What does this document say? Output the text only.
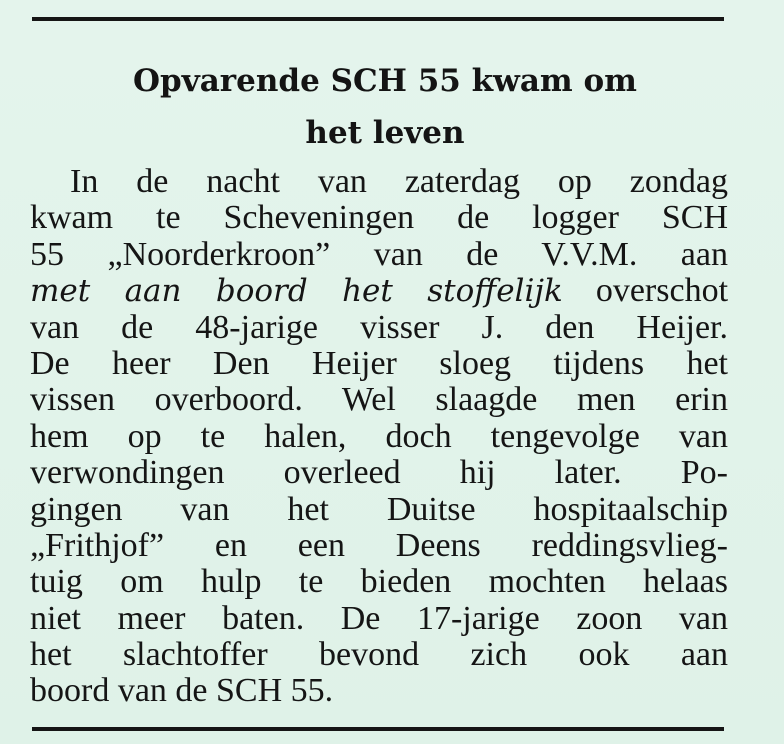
Opvarende SCH 55 kwam om
het leven
In de nacht van zaterdag op zondag
kwam te Scheveningen de logger SCH
55 „Noorderkroon” van de V.V.M. aan
met aan boord het stoffelijk overschot
van de 48-jarige visser J. den Heijer.
De heer Den Heijer sloeg tijdens het
vissen overboord. Wel slaagde men erin
hem op te halen, doch tengevolge van
verwondingen overleed hij later. Po-
gingen van het Duitse hospitaalschip
„Frithjof” en een Deens reddingsvlieg-
tuig om hulp te bieden mochten helaas
niet meer baten. De 17-jarige zoon van
het slachtoffer bevond zich ook aan
boord van de SCH 55.
